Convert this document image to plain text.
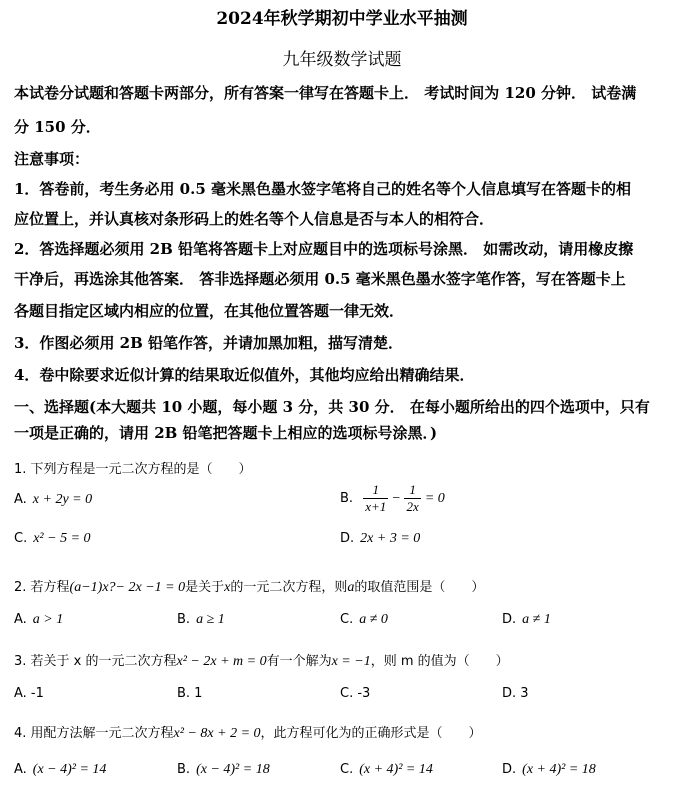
2024年秋学期初中学业水平抽测
九年级数学试题
本试卷分试题和答题卡两部分，所有答案一律写在答题卡上． 考试时间为 120 分钟． 试卷满
分 150 分．
注意事项：
1．答卷前，考生务必用 0.5 毫米黑色墨水签字笔将自己的姓名等个人信息填写在答题卡的相
应位置上，并认真核对条形码上的姓名等个人信息是否与本人的相符合．
2．答选择题必须用 2B 铅笔将答题卡上对应题目中的选项标号涂黑． 如需改动，请用橡皮擦
干净后，再选涂其他答案． 答非选择题必须用 0.5 毫米黑色墨水签字笔作答，写在答题卡上
各题目指定区域内相应的位置，在其他位置答题一律无效．
3．作图必须用 2B 铅笔作答，并请加黑加粗，描写清楚．
4．卷中除要求近似计算的结果取近似值外，其他均应给出精确结果．
一、选择题(本大题共 10 小题，每小题 3 分，共 30 分． 在每小题所给出的四个选项中，只有
一项是正确的，请用 2B 铅笔把答题卡上相应的选项标号涂黑．)
1. 下列方程是一元二次方程的是（　　）
A. x + 2y = 0	B. $\frac{1}{x+1} - \frac{1}{2x} = 0$
C. x² − 5 = 0	D. 2x + 3 = 0
2. 若方程(a−1)x?− 2x −1 = 0是关于x的一元二次方程，则a的取值范围是（　　）
A. a > 1	B. a ≥ 1	C. a ≠ 0	D. a ≠ 1
3. 若关于 x 的一元二次方程x² − 2x + m = 0有一个解为x = −1，则 m 的值为（　　）
A. -1	B. 1	C. -3	D. 3
4. 用配方法解一元二次方程x² − 8x + 2 = 0，此方程可化为的正确形式是（　　）
A. (x − 4)² = 14	B. (x − 4)² = 18	C. (x + 4)² = 14	D. (x + 4)² = 18
